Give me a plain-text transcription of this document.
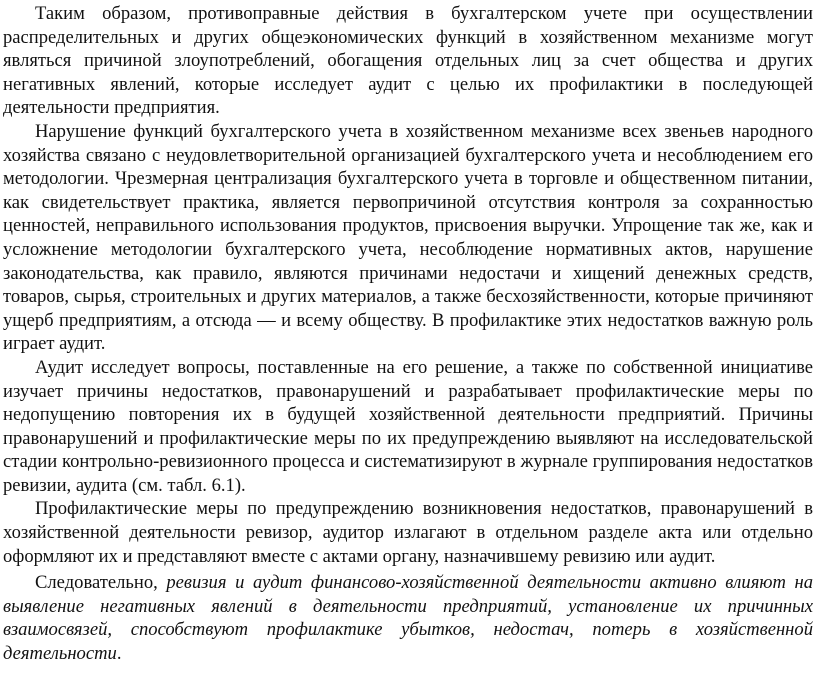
Таким образом, противоправные действия в бухгалтерском учете при осуществлении распределительных и других общеэкономических функций в хозяйственном механизме могут являться причиной злоупотреблений, обогащения отдельных лиц за счет общества и других негативных явлений, которые исследует аудит с целью их профилактики в последующей деятельности предприятия.

Нарушение функций бухгалтерского учета в хозяйственном механизме всех звеньев народного хозяйства связано с неудовлетворительной организацией бухгалтерского учета и несоблюдением его методологии. Чрезмерная централизация бухгалтерского учета в торговле и общественном питании, как свидетельствует практика, является первопричиной отсутствия контроля за сохранностью ценностей, неправильного использования продуктов, присвоения выручки. Упрощение так же, как и усложнение методологии бухгалтерского учета, несоблюдение нормативных актов, нарушение законодательства, как правило, являются причинами недостачи и хищений денежных средств, товаров, сырья, строительных и других материалов, а также бесхозяйственности, которые причиняют ущерб предприятиям, а отсюда — и всему обществу. В профилактике этих недостатков важную роль играет аудит.

Аудит исследует вопросы, поставленные на его решение, а также по собственной инициативе изучает причины недостатков, правонарушений и разрабатывает профилактические меры по недопущению повторения их в будущей хозяйственной деятельности предприятий. Причины правонарушений и профилактические меры по их предупреждению выявляют на исследовательской стадии контрольно-ревизионного процесса и систематизируют в журнале группирования недостатков ревизии, аудита (см. табл. 6.1).

Профилактические меры по предупреждению возникновения недостатков, правонарушений в хозяйственной деятельности ревизор, аудитор излагают в отдельном разделе акта или отдельно оформляют их и представляют вместе с актами органу, назначившему ревизию или аудит.

Следовательно, ревизия и аудит финансово-хозяйственной деятельности активно влияют на выявление негативных явлений в деятельности предприятий, установление их причинных взаимосвязей, способствуют профилактике убытков, недостач, потерь в хозяйственной деятельности.
